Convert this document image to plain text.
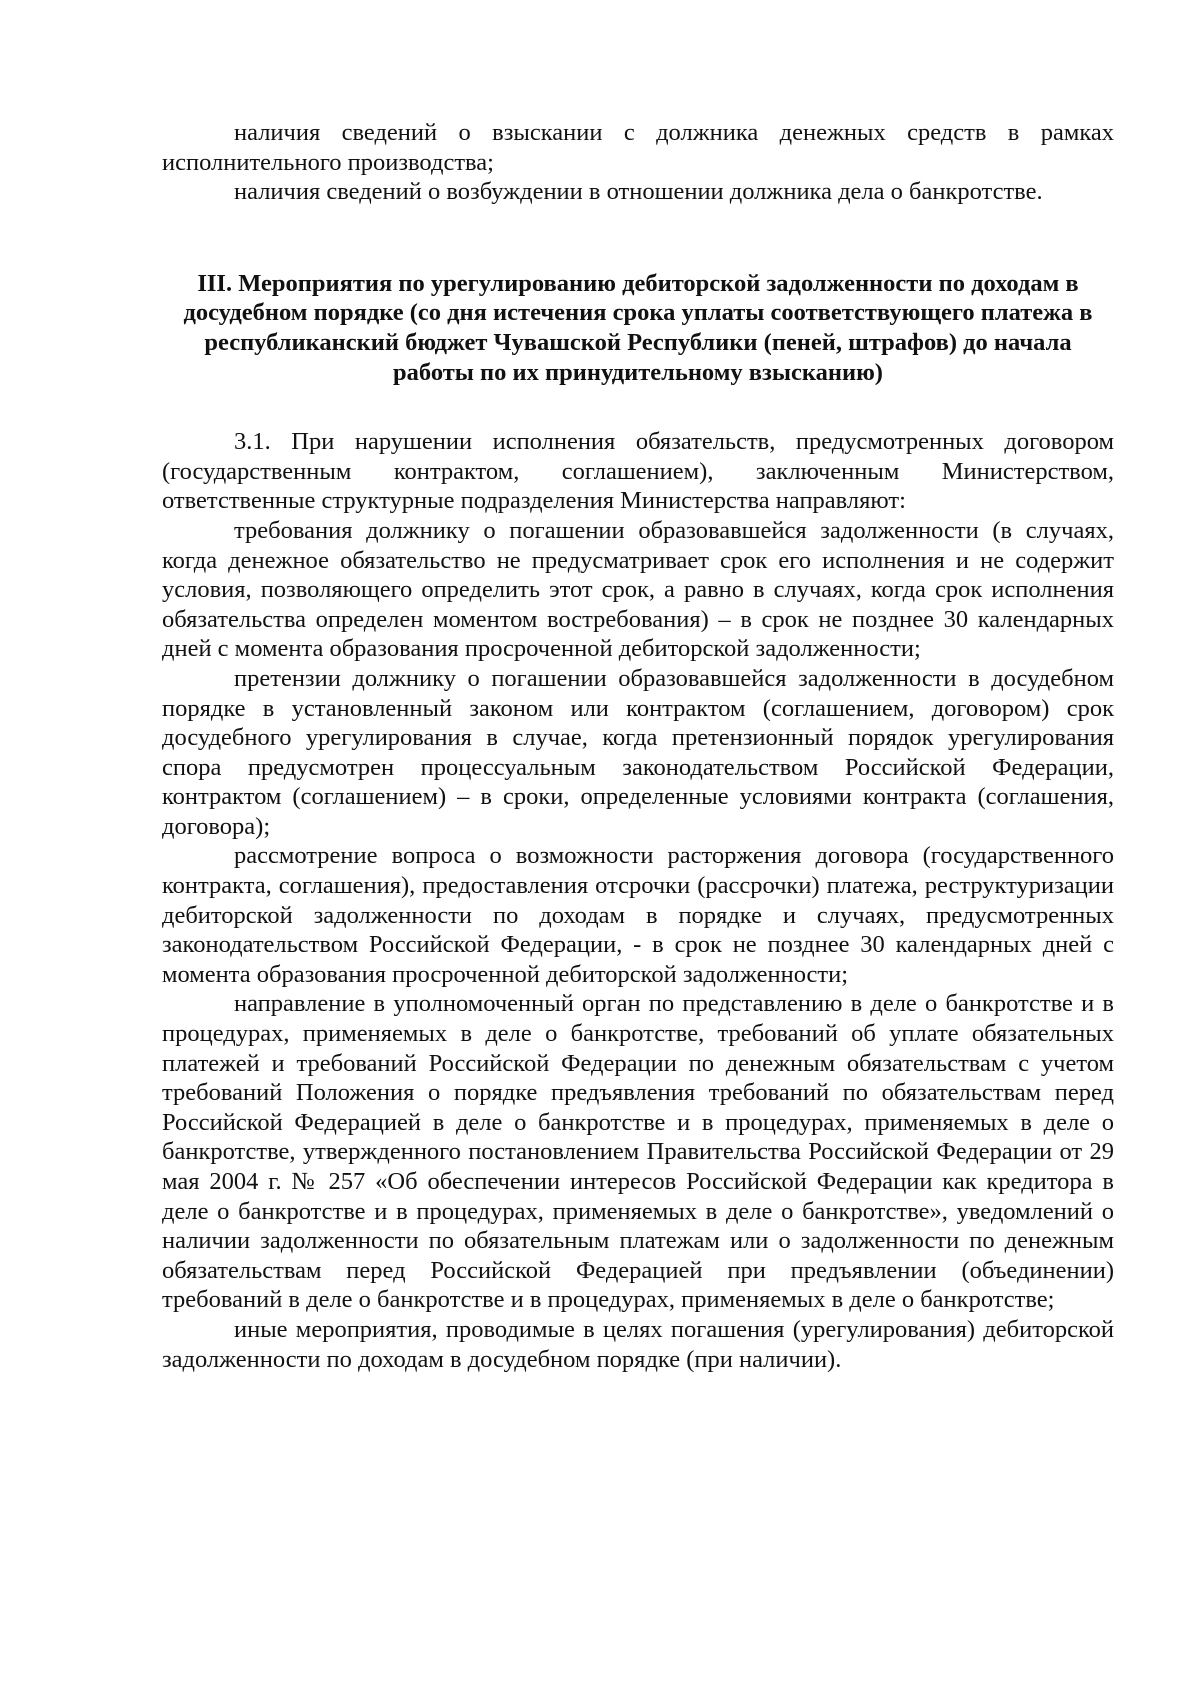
наличия сведений о взыскании с должника денежных средств в рамках исполнительного производства;

наличия сведений о возбуждении в отношении должника дела о банкротстве.

III. Мероприятия по урегулированию дебиторской задолженности по доходам в досудебном порядке (со дня истечения срока уплаты соответствующего платежа в республиканский бюджет Чувашской Республики (пеней, штрафов) до начала работы по их принудительному взысканию)

3.1. При нарушении исполнения обязательств, предусмотренных договором (государственным контрактом, соглашением), заключенным Министерством, ответственные структурные подразделения Министерства направляют:

требования должнику о погашении образовавшейся задолженности (в случаях, когда денежное обязательство не предусматривает срок его исполнения и не содержит условия, позволяющего определить этот срок, а равно в случаях, когда срок исполнения обязательства определен моментом востребования) – в срок не позднее 30 календарных дней с момента образования просроченной дебиторской задолженности;

претензии должнику о погашении образовавшейся задолженности в досудебном порядке в установленный законом или контрактом (соглашением, договором) срок досудебного урегулирования в случае, когда претензионный порядок урегулирования спора предусмотрен процессуальным законодательством Российской Федерации, контрактом (соглашением) – в сроки, определенные условиями контракта (соглашения, договора);

рассмотрение вопроса о возможности расторжения договора (государственного контракта, соглашения), предоставления отсрочки (рассрочки) платежа, реструктуризации дебиторской задолженности по доходам в порядке и случаях, предусмотренных законодательством Российской Федерации, - в срок не позднее 30 календарных дней с момента образования просроченной дебиторской задолженности;

направление в уполномоченный орган по представлению в деле о банкротстве и в процедурах, применяемых в деле о банкротстве, требований об уплате обязательных платежей и требований Российской Федерации по денежным обязательствам с учетом требований Положения о порядке предъявления требований по обязательствам перед Российской Федерацией в деле о банкротстве и в процедурах, применяемых в деле о банкротстве, утвержденного постановлением Правительства Российской Федерации от 29 мая 2004 г. № 257 «Об обеспечении интересов Российской Федерации как кредитора в деле о банкротстве и в процедурах, применяемых в деле о банкротстве», уведомлений о наличии задолженности по обязательным платежам или о задолженности по денежным обязательствам перед Российской Федерацией при предъявлении (объединении) требований в деле о банкротстве и в процедурах, применяемых в деле о банкротстве;

иные мероприятия, проводимые в целях погашения (урегулирования) дебиторской задолженности по доходам в досудебном порядке (при наличии).
